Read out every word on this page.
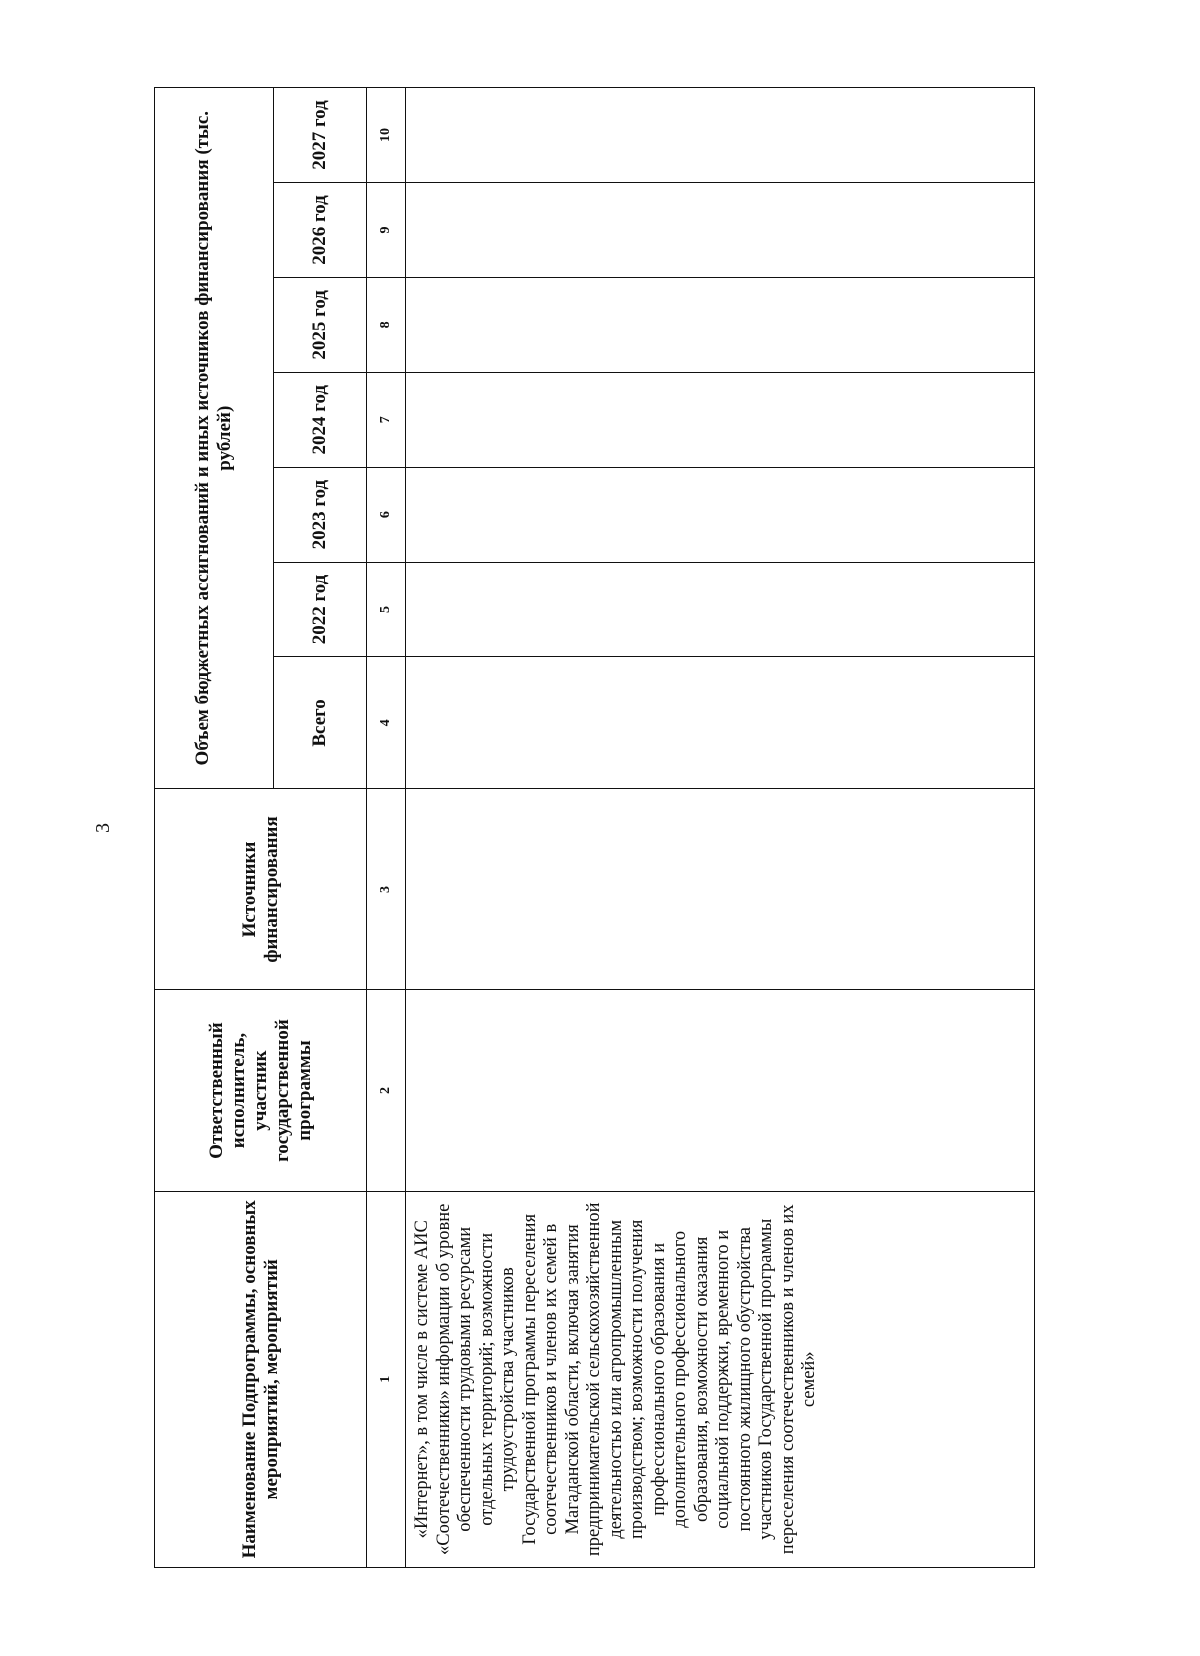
3
Наименование Подпрограммы, основных мероприятий, мероприятий	Ответственный исполнитель, участник государственной программы	Источники финансирования	Объем бюджетных ассигнований и иных источников финансирования (тыс. рублей)						
			Всего	2022 год	2023 год	2024 год	2025 год	2026 год	2027 год
1	2	3	4	5	6	7	8	9	10
«Интернет», в том числе в системе АИС «Соотечественники» информации об уровне обеспеченности трудовыми ресурсами отдельных территорий; возможности трудоустройства участников Государственной программы переселения соотечественников и членов их семей в Магаданской области, включая занятия предпринимательской сельскохозяйственной деятельностью или агропромышленным производством; возможности получения профессионального образования и дополнительного профессионального образования, возможности оказания социальной поддержки, временного и постоянного жилищного обустройства участников Государственной программы переселения соотечественников и членов их семей»									
